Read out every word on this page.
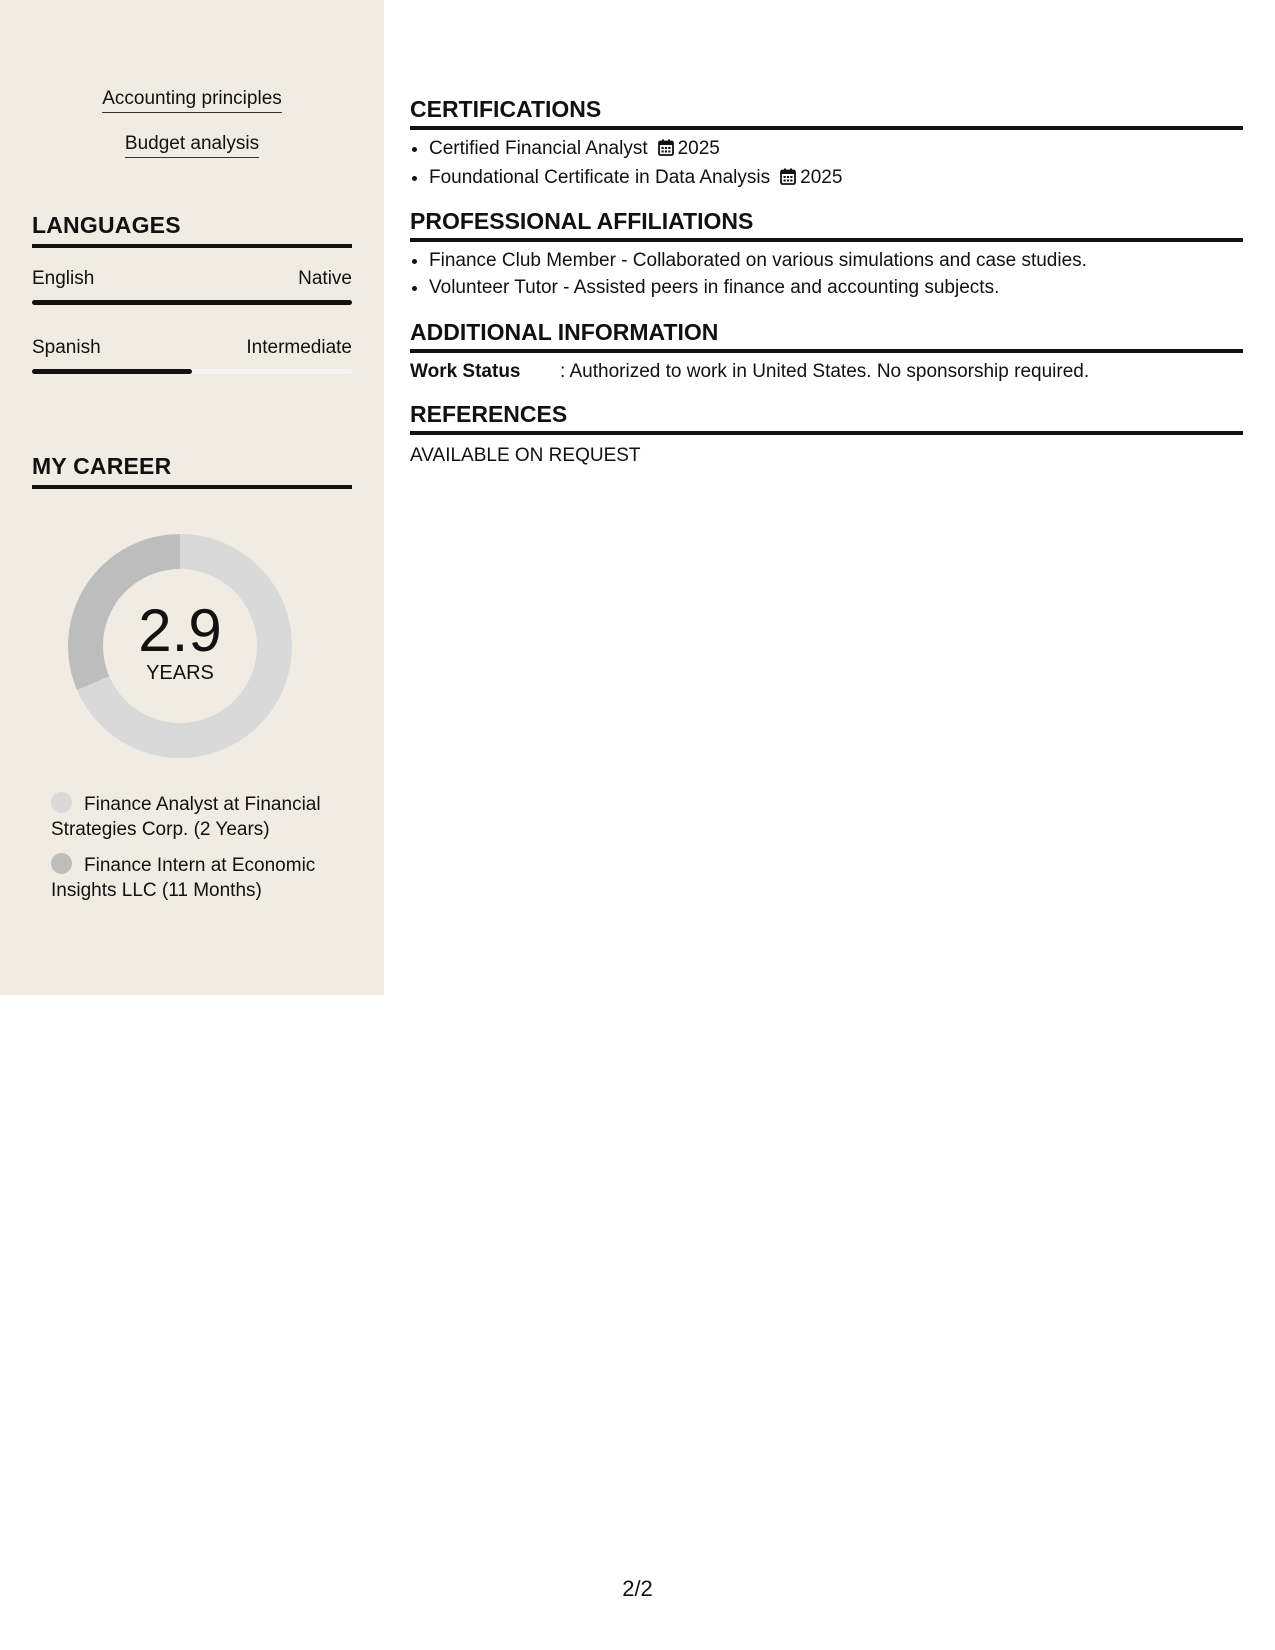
Accounting principles
Budget analysis
LANGUAGES
English	Native
Spanish	Intermediate
MY CAREER
2.9
YEARS
Finance Analyst at Financial Strategies Corp. (2 Years)
Finance Intern at Economic Insights LLC (11 Months)
CERTIFICATIONS
• Certified Financial Analyst 2025
• Foundational Certificate in Data Analysis 2025
PROFESSIONAL AFFILIATIONS
• Finance Club Member - Collaborated on various simulations and case studies.
• Volunteer Tutor - Assisted peers in finance and accounting subjects.
ADDITIONAL INFORMATION
Work Status : Authorized to work in United States. No sponsorship required.
REFERENCES
AVAILABLE ON REQUEST
2/2
